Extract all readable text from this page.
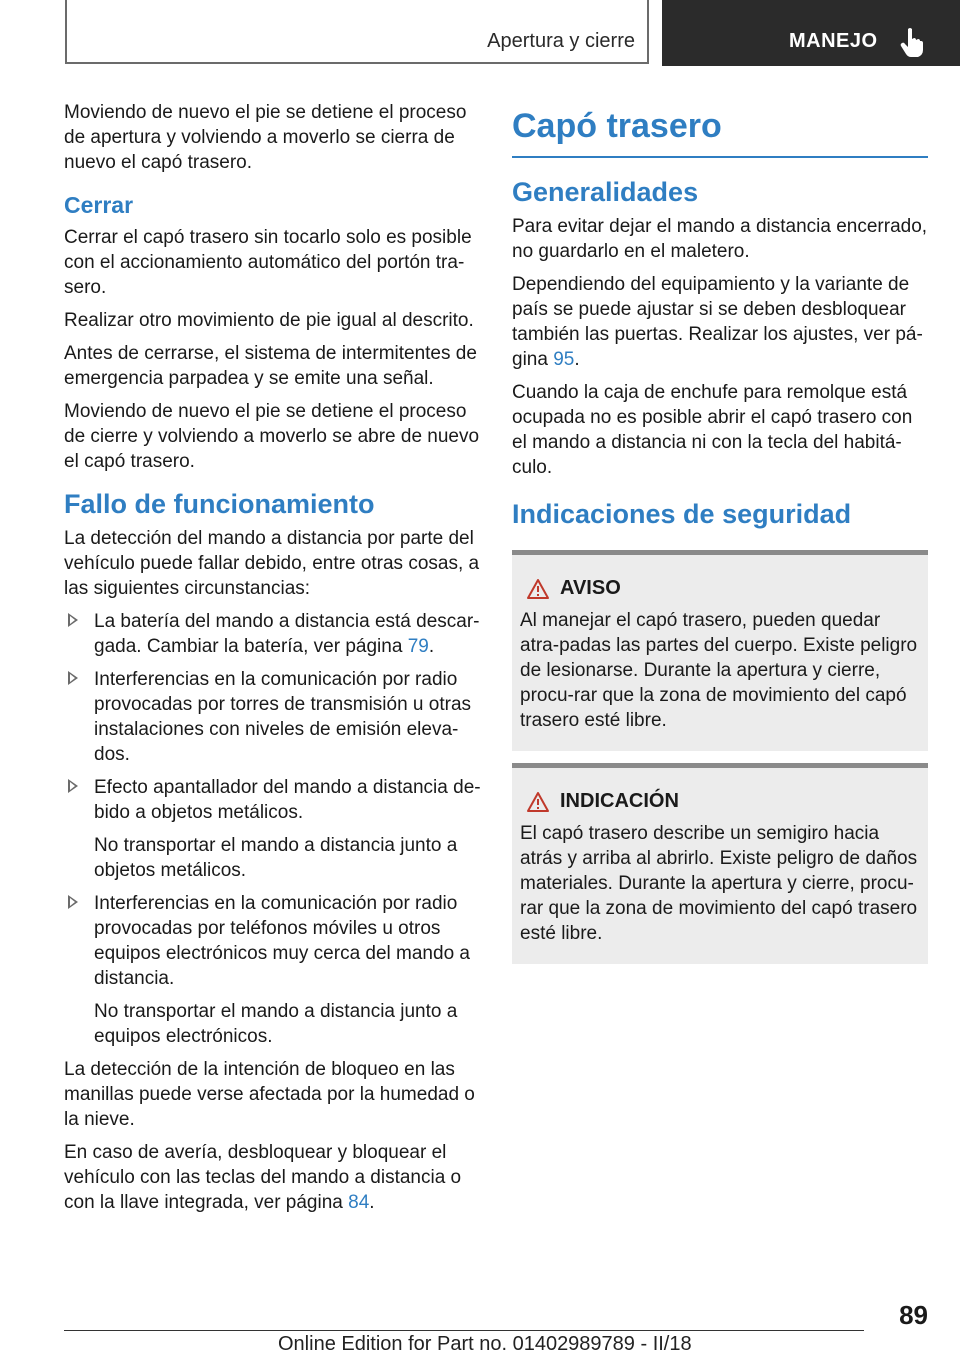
Apertura y cierre	MANEJO

Moviendo de nuevo el pie se detiene el proceso de apertura y volviendo a moverlo se cierra de nuevo el capó trasero.

Cerrar

Cerrar el capó trasero sin tocarlo solo es posible con el accionamiento automático del portón tra‐sero.

Realizar otro movimiento de pie igual al descrito.

Antes de cerrarse, el sistema de intermitentes de emergencia parpadea y se emite una señal.

Moviendo de nuevo el pie se detiene el proceso de cierre y volviendo a moverlo se abre de nuevo el capó trasero.

Fallo de funcionamiento

La detección del mando a distancia por parte del vehículo puede fallar debido, entre otras cosas, a las siguientes circunstancias:

La batería del mando a distancia está descar‐gada. Cambiar la batería, ver página 79.
Interferencias en la comunicación por radio provocadas por torres de transmisión u otras instalaciones con niveles de emisión eleva‐dos.
Efecto apantallador del mando a distancia de‐bido a objetos metálicos.

No transportar el mando a distancia junto a objetos metálicos.

Interferencias en la comunicación por radio provocadas por teléfonos móviles u otros equipos electrónicos muy cerca del mando a distancia.

No transportar el mando a distancia junto a equipos electrónicos.

La detección de la intención de bloqueo en las manillas puede verse afectada por la humedad o la nieve.

En caso de avería, desbloquear y bloquear el vehículo con las teclas del mando a distancia o con la llave integrada, ver página 84.

Capó trasero
Generalidades

Para evitar dejar el mando a distancia encerrado, no guardarlo en el maletero.

Dependiendo del equipamiento y la variante de país se puede ajustar si se deben desbloquear también las puertas. Realizar los ajustes, ver pá‐gina 95.

Cuando la caja de enchufe para remolque está ocupada no es posible abrir el capó trasero con el mando a distancia ni con la tecla del habitá‐culo.

Indicaciones de seguridad
AVISO

Al manejar el capó trasero, pueden quedar atra‐padas las partes del cuerpo. Existe peligro de lesionarse. Durante la apertura y cierre, procu‐rar que la zona de movimiento del capó trasero esté libre.

INDICACIÓN

El capó trasero describe un semigiro hacia atrás y arriba al abrirlo. Existe peligro de daños materiales. Durante la apertura y cierre, procu‐rar que la zona de movimiento del capó trasero esté libre.

89
Online Edition for Part no. 01402989789 - II/18
